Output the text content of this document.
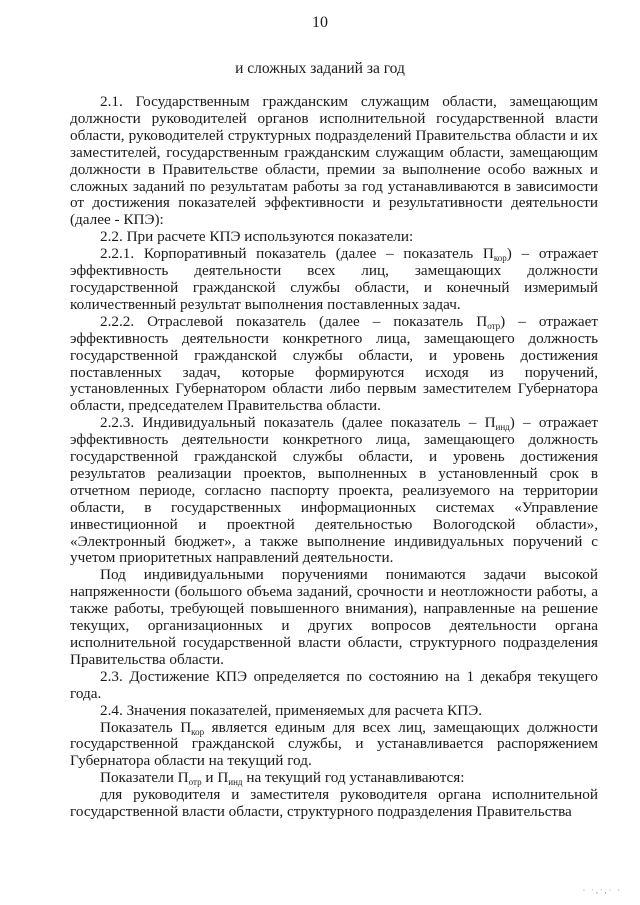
10
и сложных заданий за год

2.1. Государственным гражданским служащим области, замещающим должности руководителей органов исполнительной государственной власти области, руководителей структурных подразделений Правительства области и их заместителей, государственным гражданским служащим области, замещающим должности в Правительстве области, премии за выполнение особо важных и сложных заданий по результатам работы за год устанавливаются в зависимости от достижения показателей эффективности и результативности деятельности (далее - КПЭ):

2.2. При расчете КПЭ используются показатели:

2.2.1. Корпоративный показатель (далее – показатель $П_{кор}$) – отражает эффективность деятельности всех лиц, замещающих должности государственной гражданской службы области, и конечный измеримый количественный результат выполнения поставленных задач.

2.2.2. Отраслевой показатель (далее – показатель $П_{отр}$) – отражает эффективность деятельности конкретного лица, замещающего должность государственной гражданской службы области, и уровень достижения поставленных задач, которые формируются исходя из поручений, установленных Губернатором области либо первым заместителем Губернатора области, председателем Правительства области.

2.2.3. Индивидуальный показатель (далее показатель – $П_{инд}$) – отражает эффективность деятельности конкретного лица, замещающего должность государственной гражданской службы области, и уровень достижения результатов реализации проектов, выполненных в установленный срок в отчетном периоде, согласно паспорту проекта, реализуемого на территории области, в государственных информационных системах «Управление инвестиционной и проектной деятельностью Вологодской области», «Электронный бюджет», а также выполнение индивидуальных поручений с учетом приоритетных направлений деятельности.

Под индивидуальными поручениями понимаются задачи высокой напряженности (большого объема заданий, срочности и неотложности работы, а также работы, требующей повышенного внимания), направленные на решение текущих, организационных и других вопросов деятельности органа исполнительной государственной власти области, структурного подразделения Правительства области.

2.3. Достижение КПЭ определяется по состоянию на 1 декабря текущего года.

2.4. Значения показателей, применяемых для расчета КПЭ.

Показатель $П_{кор}$ является единым для всех лиц, замещающих должности государственной гражданской службы, и устанавливается распоряжением Губернатора области на текущий год.

Показатели $П_{отр}$ и $П_{инд}$ на текущий год устанавливаются:

для руководителя и заместителя руководителя органа исполнительной государственной власти области, структурного подразделения Правительства

· ·,·,· ·
